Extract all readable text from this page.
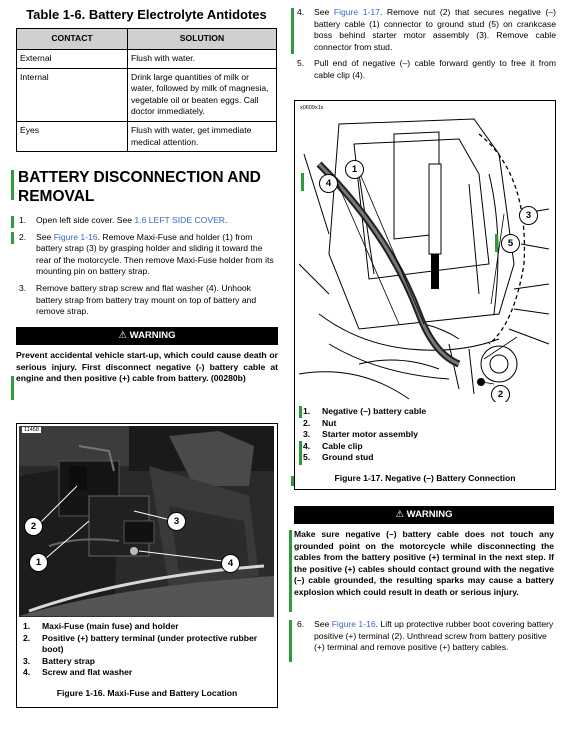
Table 1-6. Battery Electrolyte Antidotes
CONTACT	SOLUTION
External	Flush with water.
Internal	Drink large quantities of milk or water, followed by milk of magnesia, vegetable oil or beaten eggs. Call doctor immediately.
Eyes	Flush with water, get immediate medical attention.
BATTERY DISCONNECTION AND
REMOVAL
1. Open left side cover. See 1.6 LEFT SIDE COVER.
2. See Figure 1-16. Remove Maxi-Fuse and holder (1) from battery strap (3) by grasping holder and sliding it toward the rear of the motorcycle. Then remove Maxi-Fuse holder from its mounting pin on battery strap.
3. Remove battery strap screw and flat washer (4). Unhook battery strap from battery tray mount on top of battery and remove strap.
⚠ WARNING
Prevent accidental vehicle start-up, which could cause death or serious injury. First disconnect negative (-) battery cable at engine and then positive (+) cable from battery. (00280b)
11458
1
2	3
4
1. Maxi-Fuse (main fuse) and holder
2. Positive (+) battery terminal (under protective rubber boot)
3. Battery strap
4. Screw and flat washer
Figure 1-16. Maxi-Fuse and Battery Location
4. See Figure 1-17. Remove nut (2) that secures negative (–) battery cable (1) connector to ground stud (5) on crankcase boss behind starter motor assembly (3). Remove cable connector from stud.
5. Pull end of negative (–) cable forward gently to free it from cable clip (4).
x0609x1x
1
2
3
4
5
1. Negative (–) battery cable
2. Nut
3. Starter motor assembly
4. Cable clip
5. Ground stud
Figure 1-17. Negative (–) Battery Connection
⚠ WARNING
Make sure negative (–) battery cable does not touch any grounded point on the motorcycle while disconnecting the cables from the battery positive (+) terminal in the next step. If the positive (+) cables should contact ground with the negative (–) cable grounded, the resulting sparks may cause a battery explosion which could result in death or serious injury.
6. See Figure 1-16. Lift up protective rubber boot covering battery positive (+) terminal (2). Unthread screw from battery positive (+) terminal and remove positive (+) battery cables.
